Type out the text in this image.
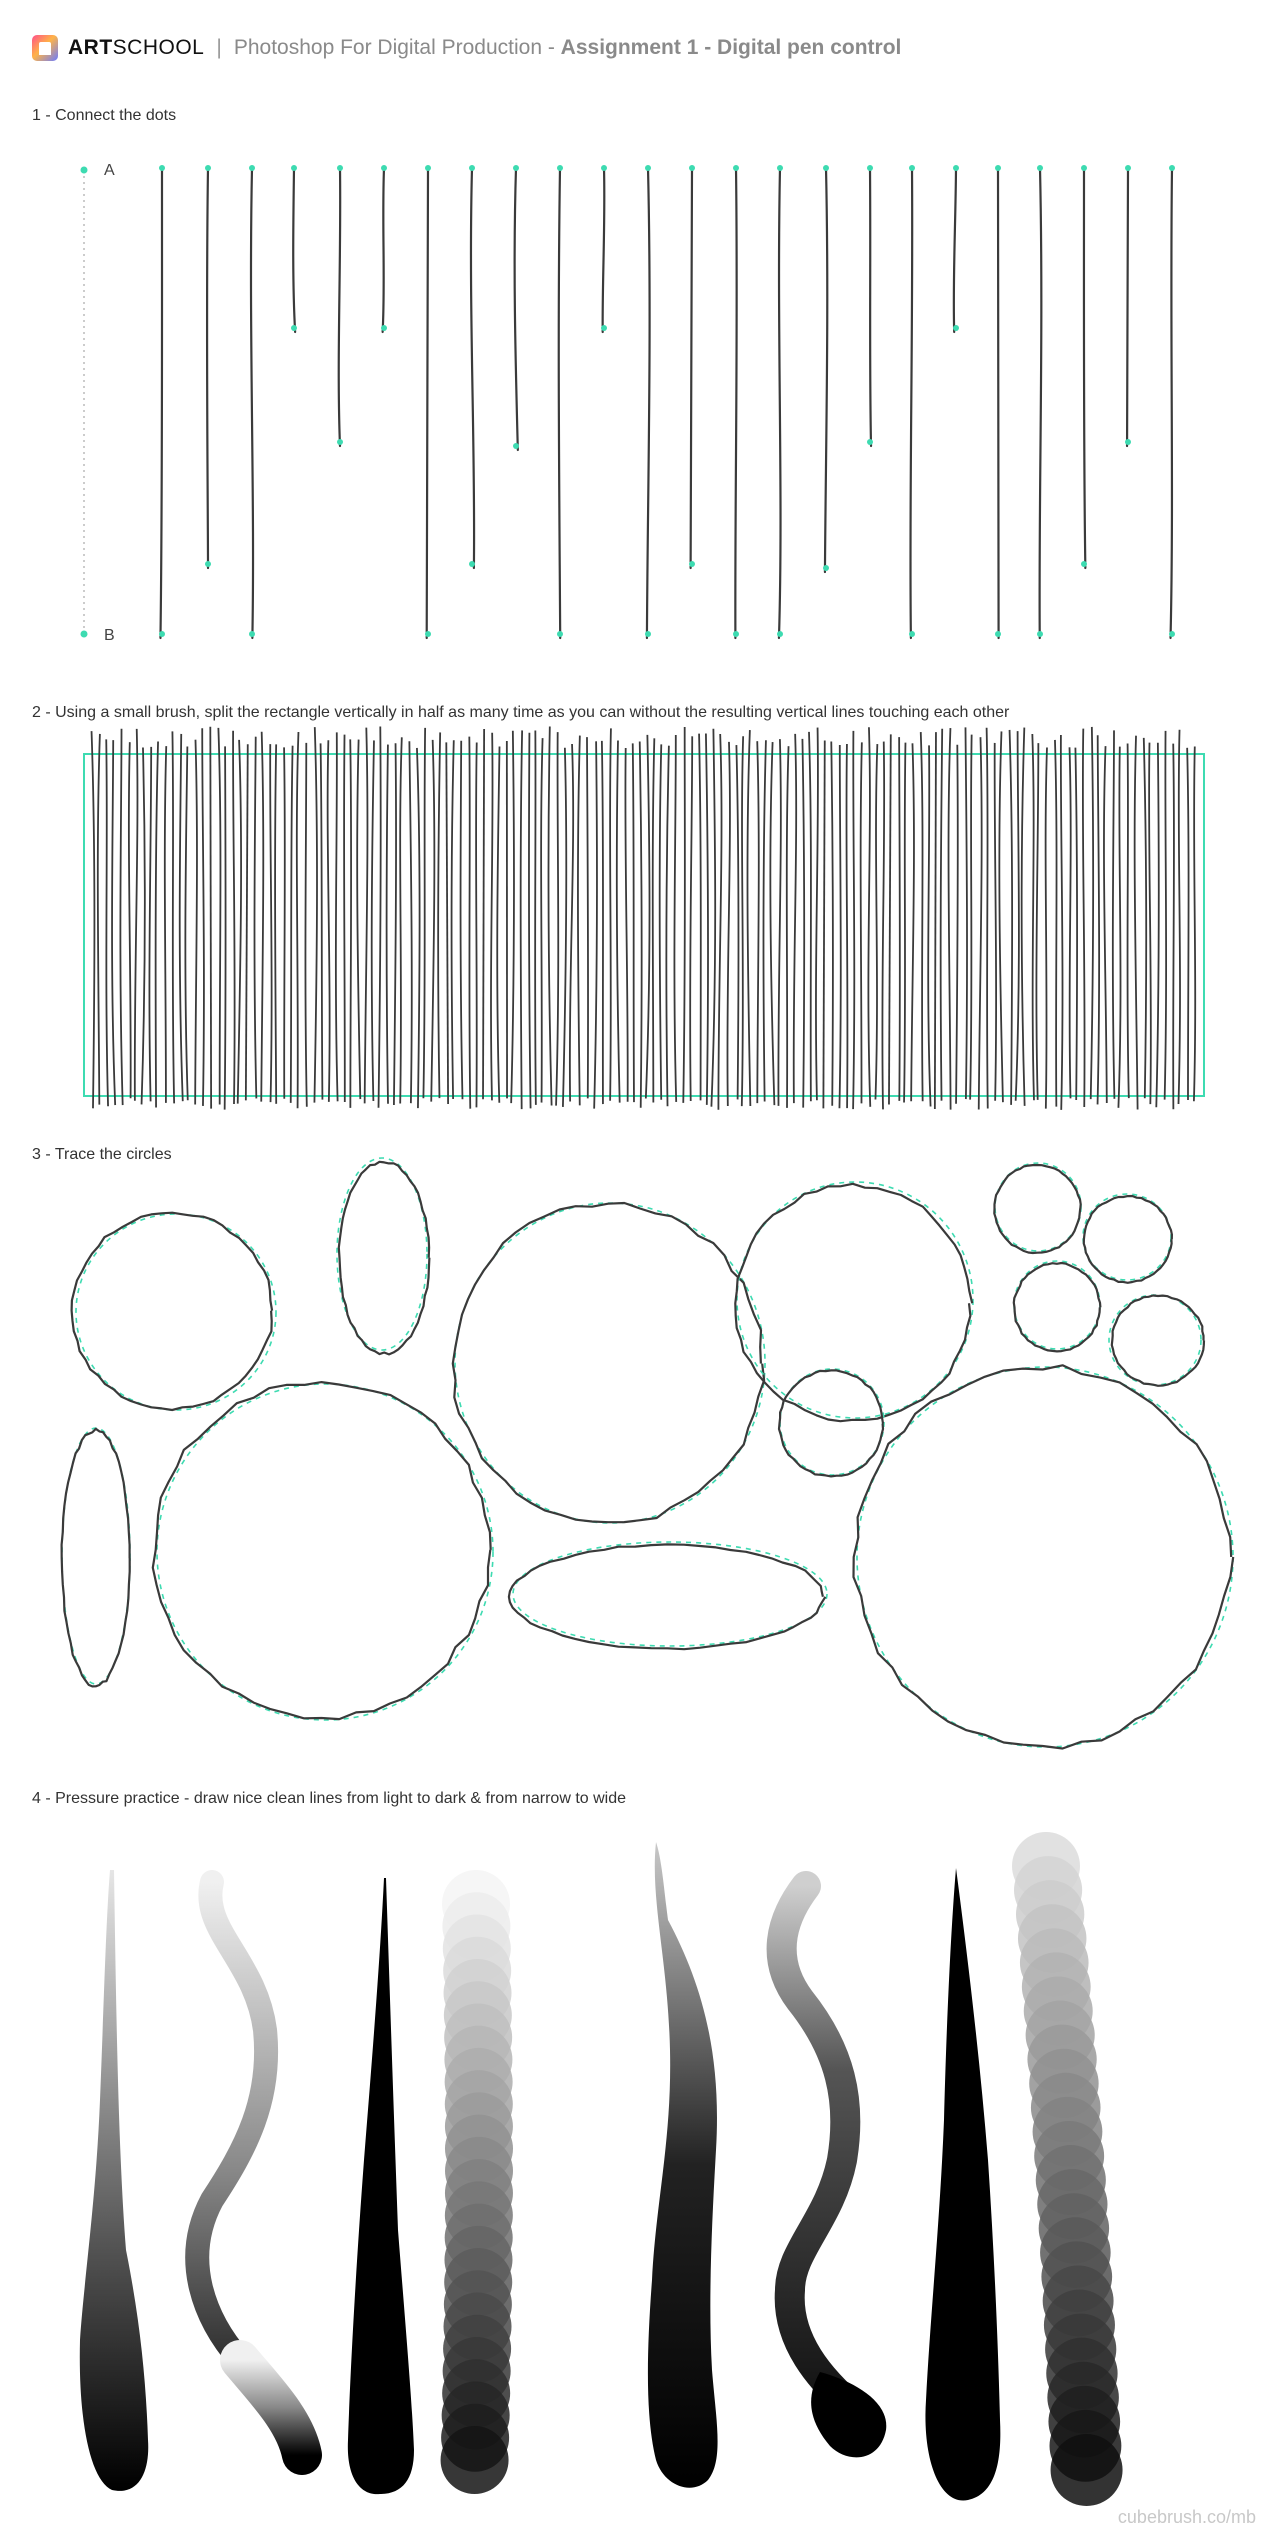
ART SCHOOL | Photoshop For Digital Production - Assignment 1 - Digital pen control
1 - Connect the dots
2 - Using a small brush, split the rectangle vertically in half as many time as you can without the resulting vertical lines touching each other
3 - Trace the circles
4 - Pressure practice - draw nice clean lines from light to dark & from narrow to wide
A
B
cubebrush.co/mb
